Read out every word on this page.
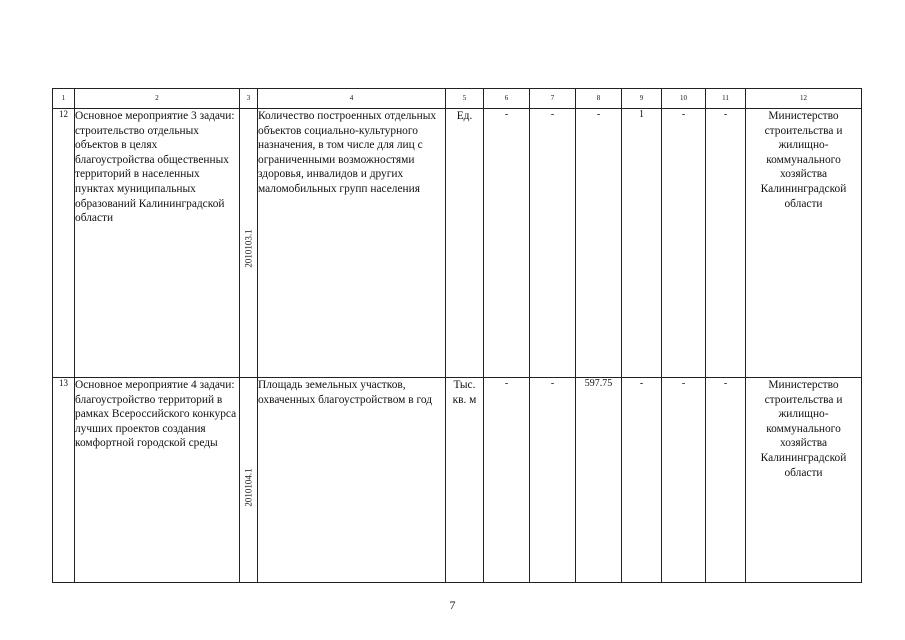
1	2	3	4	5	6	7	8	9	10	11	12
12	Основное мероприятие 3 задачи: строительство отдельных объектов в целях благоустройства общественных территорий в населенных пунктах муниципальных образований Калининградской области	2010103.1	Количество построенных отдельных объектов социально-культурного назначения, в том числе для лиц с ограниченными возможностями здоровья, инвалидов и других маломобильных групп населения	Ед.	-	-	-	1	-	-	Министерство строительства и жилищно-коммунального хозяйства Калининградской области
13	Основное мероприятие 4 задачи: благоустройство территорий в рамках Всероссийского конкурса лучших проектов создания комфортной городской среды	2010104.1	Площадь земельных участков, охваченных благоустройством в год	Тыс. кв. м	-	-	597.75	-	-	-	Министерство строительства и жилищно-коммунального хозяйства Калининградской области
7
